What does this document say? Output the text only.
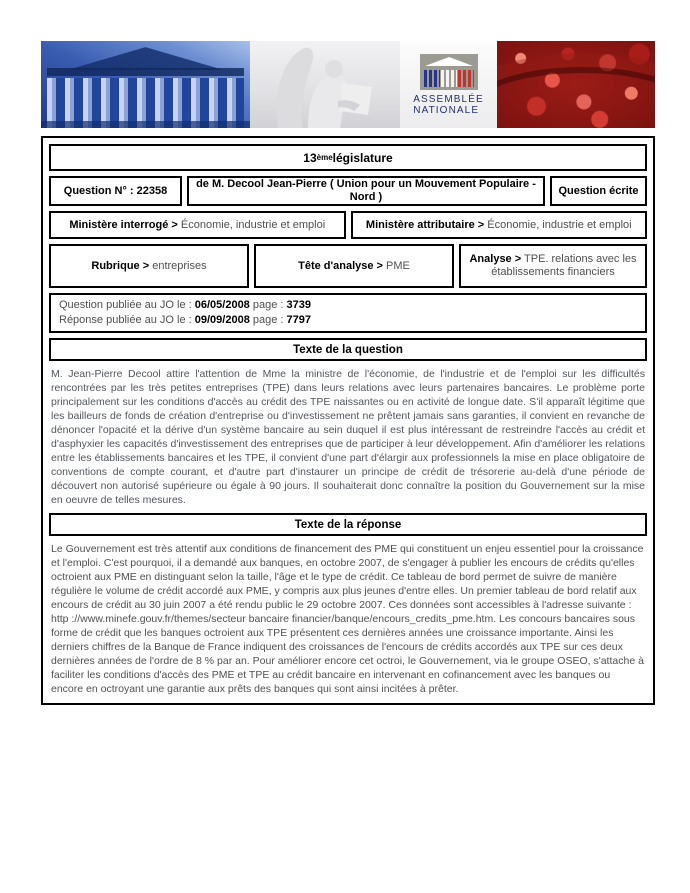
ASSEMBLÉE
NATIONALE
13 ème législature
Question N° : 22358
de M. Decool Jean-Pierre ( Union pour un Mouvement Populaire - Nord )
Question écrite
Ministère interrogé > Économie, industrie et emploi	Ministère attributaire > Économie, industrie et emploi
Rubrique > entreprises	Tête d'analyse > PME
Analyse > TPE. relations avec les établissements financiers
Question publiée au JO le : 06/05/2008 page : 3739
Réponse publiée au JO le : 09/09/2008 page : 7797
Texte de la question
M. Jean-Pierre Decool attire l'attention de Mme la ministre de l'économie, de l'industrie et de l'emploi sur les difficultés rencontrées par les très petites entreprises (TPE) dans leurs relations avec leurs partenaires bancaires. Le problème porte principalement sur les conditions d'accès au crédit des TPE naissantes ou en activité de longue date. S'il apparaît légitime que les bailleurs de fonds de création d'entreprise ou d'investissement ne prêtent jamais sans garanties, il convient en revanche de dénoncer l'opacité et la dérive d'un système bancaire au sein duquel il est plus intéressant de restreindre l'accès au crédit et d'asphyxier les capacités d'investissement des entreprises que de participer à leur développement. Afin d'améliorer les relations entre les établissements bancaires et les TPE, il convient d'une part d'élargir aux professionnels la mise en place obligatoire de conventions de compte courant, et d'autre part d'instaurer un principe de crédit de trésorerie au-delà d'une période de découvert non autorisé supérieure ou égale à 90 jours. Il souhaiterait donc connaître la position du Gouvernement sur la mise en oeuvre de telles mesures.
Texte de la réponse
Le Gouvernement est très attentif aux conditions de financement des PME qui constituent un enjeu essentiel pour la croissance et l'emploi. C'est pourquoi, il a demandé aux banques, en octobre 2007, de s'engager à publier les encours de crédits qu'elles octroient aux PME en distinguant selon la taille, l'âge et le type de crédit. Ce tableau de bord permet de suivre de manière régulière le volume de crédit accordé aux PME, y compris aux plus jeunes d'entre elles. Un premier tableau de bord relatif aux encours de crédit au 30 juin 2007 a été rendu public le 29 octobre 2007. Ces données sont accessibles à l'adresse suivante : http ://www.minefe.gouv.fr/themes/secteur bancaire financier/banque/encours_credits_pme.htm. Les concours bancaires sous forme de crédit que les banques octroient aux TPE présentent ces dernières années une croissance importante. Ainsi les derniers chiffres de la Banque de France indiquent des croissances de l'encours de crédits accordés aux TPE sur ces deux dernières années de l'ordre de 8 % par an. Pour améliorer encore cet octroi, le Gouvernement, via le groupe OSEO, s'attache à faciliter les conditions d'accès des PME et TPE au crédit bancaire en intervenant en cofinancement avec les banques ou encore en octroyant une garantie aux prêts des banques qui sont ainsi incitées à prêter.
